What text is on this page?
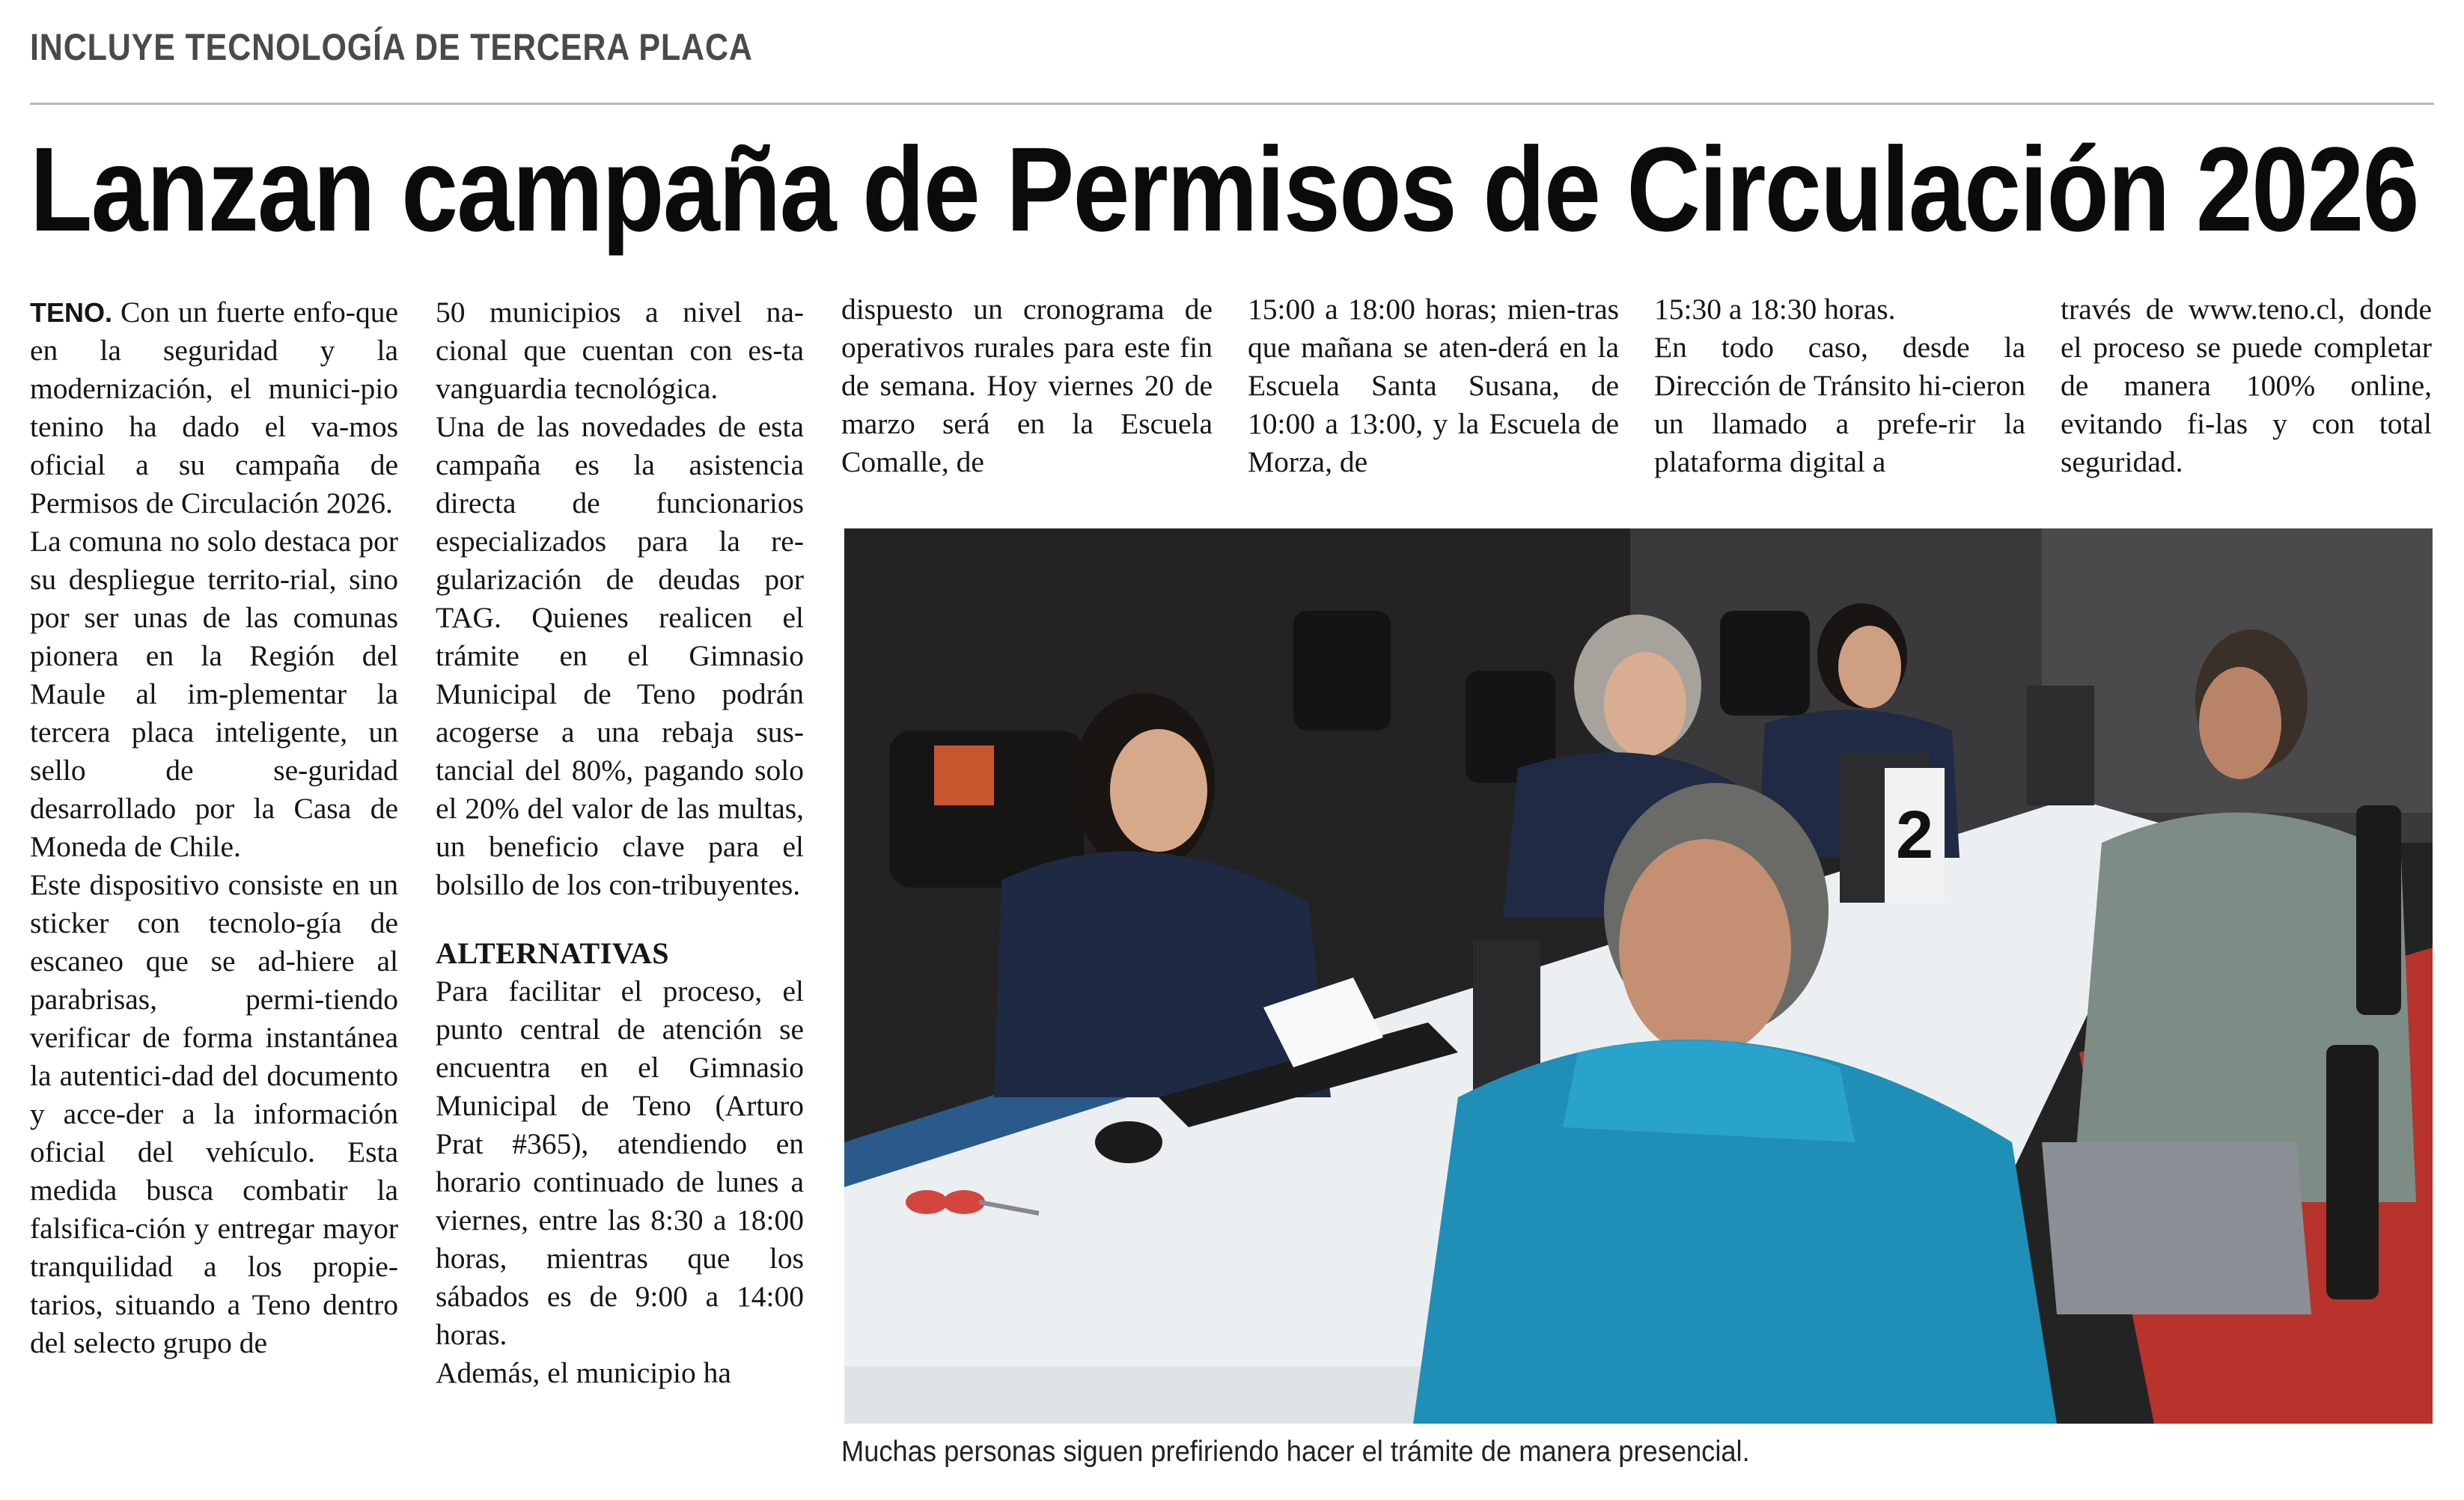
INCLUYE TECNOLOGÍA DE TERCERA PLACA
Lanzan campaña de Permisos de Circulación 2026

TENO. Con un fuerte enfo-que en la seguridad y la modernización, el munici-pio tenino ha dado el va-mos oficial a su campaña de Permisos de Circulación 2026.

La comuna no solo destaca por su despliegue territo-rial, sino por ser unas de las comunas pionera en la Región del Maule al im-plementar la tercera placa inteligente, un sello de se-guridad desarrollado por la Casa de Moneda de Chile.

Este dispositivo consiste en un sticker con tecnolo-gía de escaneo que se ad-hiere al parabrisas, permi-tiendo verificar de forma instantánea la autentici-dad del documento y acce-der a la información oficial del vehículo. Esta medida busca combatir la falsifica-ción y entregar mayor tranquilidad a los propie-tarios, situando a Teno dentro del selecto grupo de

50 municipios a nivel na-cional que cuentan con es-ta vanguardia tecnológica.

Una de las novedades de esta campaña es la asistencia directa de funcionarios especializados para la re-gularización de deudas por TAG. Quienes realicen el trámite en el Gimnasio Municipal de Teno podrán acogerse a una rebaja sus-tancial del 80%, pagando solo el 20% del valor de las multas, un beneficio clave para el bolsillo de los con-tribuyentes.

ALTERNATIVAS

Para facilitar el proceso, el punto central de atención se encuentra en el Gimnasio Municipal de Teno (Arturo Prat #365), atendiendo en horario continuado de lunes a viernes, entre las 8:30 a 18:00 horas, mientras que los sábados es de 9:00 a 14:00 horas.

Además, el municipio ha

dispuesto un cronograma de operativos rurales para este fin de semana. Hoy viernes 20 de marzo será en la Escuela Comalle, de

15:00 a 18:00 horas; mien-tras que mañana se aten-derá en la Escuela Santa Susana, de 10:00 a 13:00, y la Escuela de Morza, de

15:30 a 18:30 horas.

En todo caso, desde la Dirección de Tránsito hi-cieron un llamado a prefe-rir la plataforma digital a

través de www.teno.cl, donde el proceso se puede completar de manera 100% online, evitando fi-las y con total seguridad.

2
Muchas personas siguen prefiriendo hacer el trámite de manera presencial.
